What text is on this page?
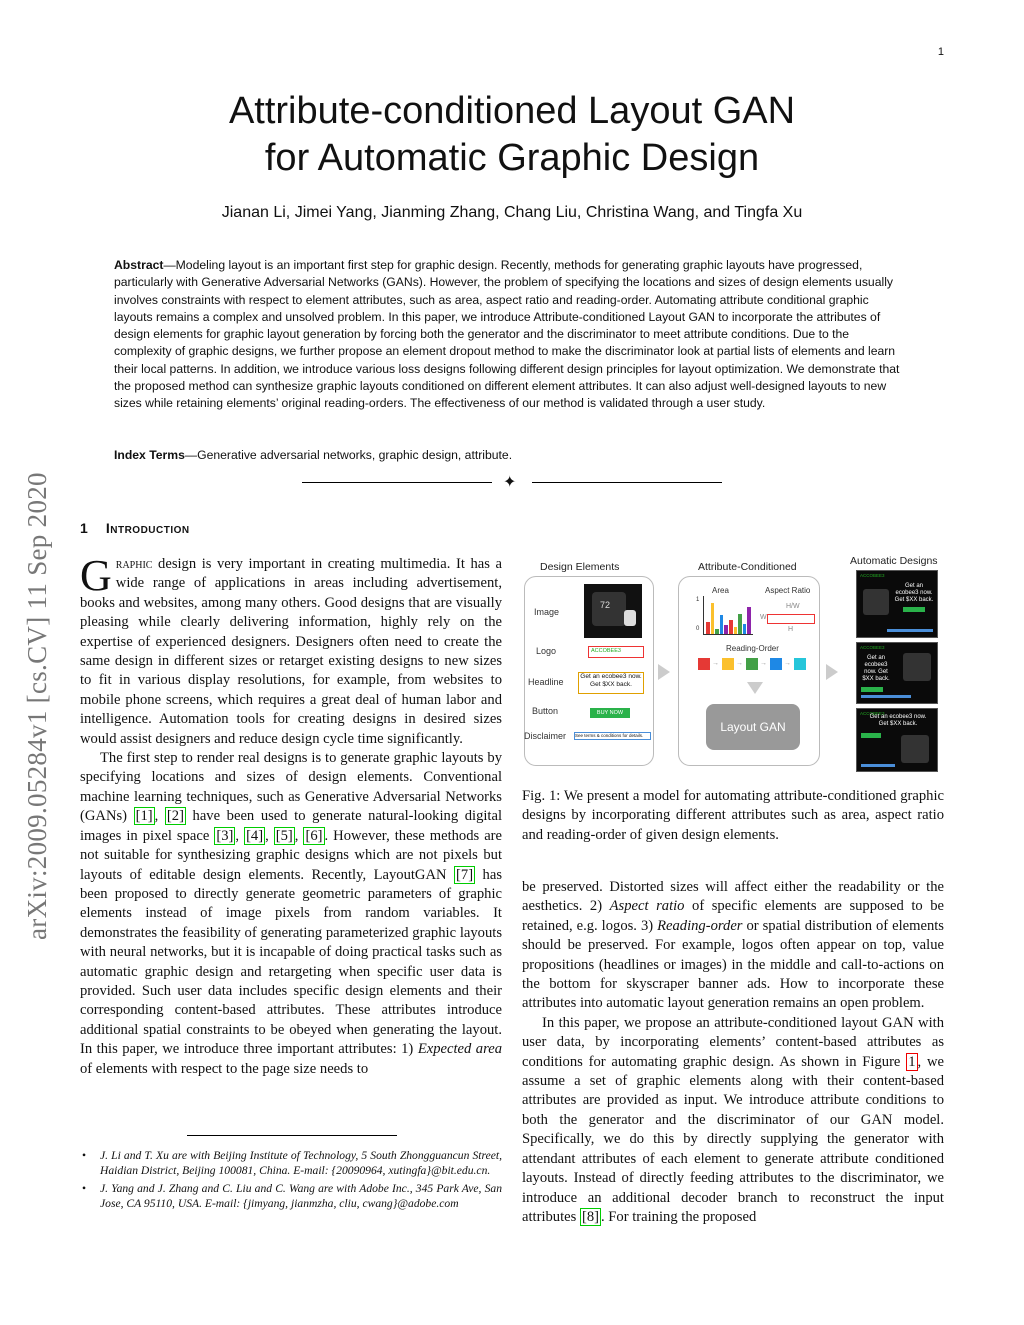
1
arXiv:2009.05284v1 [cs.CV] 11 Sep 2020
Attribute-conditioned Layout GAN
for Automatic Graphic Design
Jianan Li, Jimei Yang, Jianming Zhang, Chang Liu, Christina Wang, and Tingfa Xu

Abstract—Modeling layout is an important first step for graphic design. Recently, methods for generating graphic layouts have progressed, particularly with Generative Adversarial Networks (GANs). However, the problem of specifying the locations and sizes of design elements usually involves constraints with respect to element attributes, such as area, aspect ratio and reading-order. Automating attribute conditional graphic layouts remains a complex and unsolved problem. In this paper, we introduce Attribute-conditioned Layout GAN to incorporate the attributes of design elements for graphic layout generation by forcing both the generator and the discriminator to meet attribute conditions. Due to the complexity of graphic designs, we further propose an element dropout method to make the discriminator look at partial lists of elements and learn their local patterns. In addition, we introduce various loss designs following different design principles for layout optimization. We demonstrate that the proposed method can synthesize graphic layouts conditioned on different element attributes. It can also adjust well-designed layouts to new sizes while retaining elements’ original reading-orders. The effectiveness of our method is validated through a user study.

Index Terms—Generative adversarial networks, graphic design, attribute.

✦
1 Introduction

Graphic design is very important in creating multimedia. It has a wide range of applications in areas including advertisement, books and websites, among many others. Good designs that are visually pleasing while clearly delivering information, highly rely on the expertise of experienced designers. Designers often need to create the same design in different sizes or retarget existing designs to new sizes to fit in various display resolutions, for example, from websites to mobile phone screens, which requires a great deal of human labor and intelligence. Automation tools for creating designs in desired sizes would assist designers and reduce design cycle time significantly.

The first step to render real designs is to generate graphic layouts by specifying locations and sizes of design elements. Conventional machine learning techniques, such as Generative Adversarial Networks (GANs) [1] , [2] have been used to generate natural-looking digital images in pixel space [3] , [4] , [5] , [6] . However, these methods are not suitable for synthesizing graphic designs which are not pixels but layouts of editable design elements. Recently, LayoutGAN [7] has been proposed to directly generate geometric parameters of graphic elements instead of image pixels from random variables. It demonstrates the feasibility of generating parameterized graphic layouts with neural networks, but it is incapable of doing practical tasks such as automatic graphic design and retargeting when specific user data is provided. Such user data includes specific design elements and their corresponding content-based attributes. These attributes introduce additional spatial constraints to be obeyed when generating the layout. In this paper, we introduce three important attributes: 1) Expected area of elements with respect to the page size needs to

• J. Li and T. Xu are with Beijing Institute of Technology, 5 South Zhongguancun Street, Haidian District, Beijing 100081, China. E-mail: {20090964, xutingfa}@bit.edu.cn.
• J. Yang and J. Zhang and C. Liu and C. Wang are with Adobe Inc., 345 Park Ave, San Jose, CA 95110, USA. E-mail: {jimyang, jianmzha, cliu, cwang}@adobe.com
Design Elements	Attribute-Conditioned	Automatic Designs
Image
Logo
Headline
Button
Disclaimer
72
ACCOBEE3
Get an ecobee3 now. Get $XX back.
BUY NOW
See terms & conditions for details.
Area	Aspect Ratio
1
0
H/W
W
H
Reading-Order
Layout GAN
ACCOBEE3
Get an ecobee3 now. Get $XX back.
ACCOBEE3
Get an ecobee3 now. Get $XX back.
ACCOBEE3
Get an ecobee3 now. Get $XX back.
→ → → →

Fig. 1: We present a model for automating attribute-conditioned graphic designs by incorporating different attributes such as area, aspect ratio and reading-order of given design elements.

be preserved. Distorted sizes will affect either the readability or the aesthetics. 2) Aspect ratio of specific elements are supposed to be retained, e.g. logos. 3) Reading-order or spatial distribution of elements should be preserved. For example, logos often appear on top, value propositions (headlines or images) in the middle and call-to-actions on the bottom for skyscraper banner ads. How to incorporate these attributes into automatic layout generation remains an open problem.

In this paper, we propose an attribute-conditioned layout GAN with user data, by incorporating elements’ content-based attributes as conditions for automating graphic design. As shown in Figure 1 , we assume a set of graphic elements along with their content-based attributes are provided as input. We introduce attribute conditions to both the generator and the discriminator of our GAN model. Specifically, we do this by directly supplying the generator with attendant attributes of each element to generate attribute conditioned layouts. Instead of directly feeding attributes to the discriminator, we introduce an additional decoder branch to reconstruct the input attributes [8] . For training the proposed
